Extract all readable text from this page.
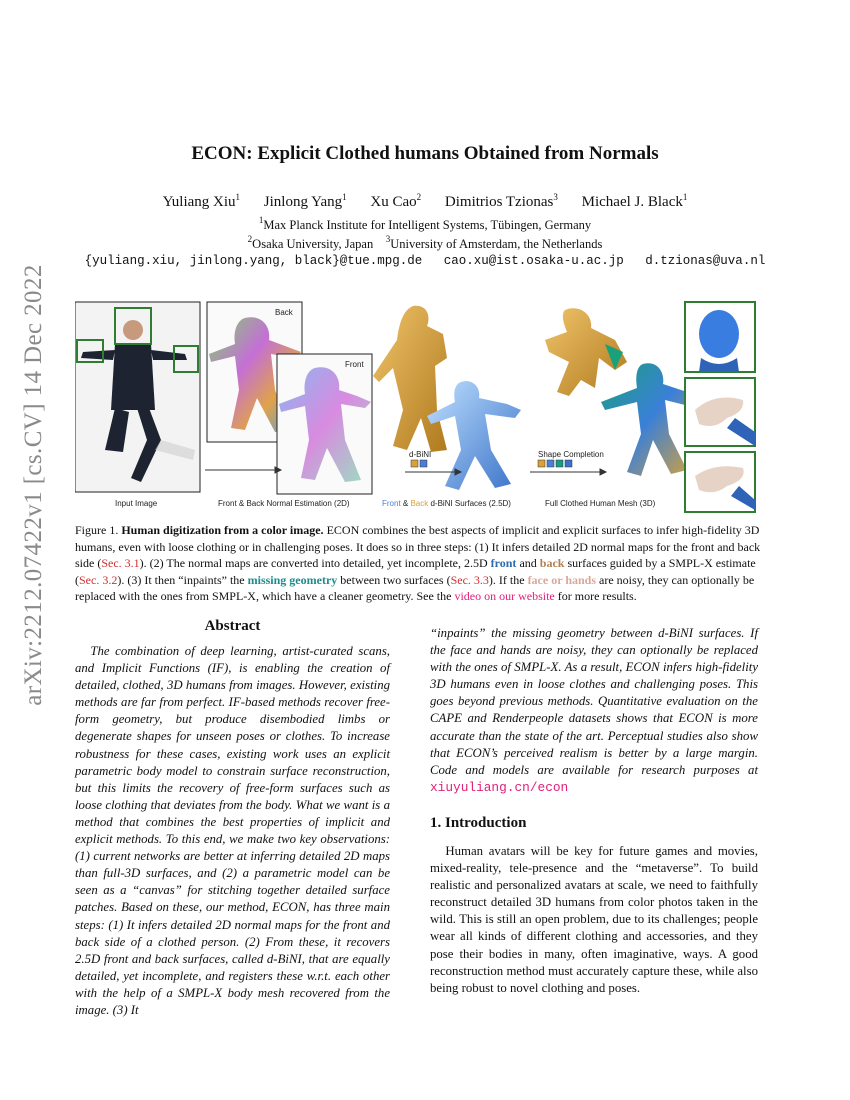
arXiv:2212.07422v1 [cs.CV] 14 Dec 2022
ECON: Explicit Clothed humans Obtained from Normals
Yuliang Xiu$^1$ Jinlong Yang$^1$ Xu Cao$^2$ Dimitrios Tzionas$^3$ Michael J. Black$^1$
$^1$Max Planck Institute for Intelligent Systems, Tübingen, Germany
$^2$Osaka University, Japan $^3$University of Amsterdam, the Netherlands
{yuliang.xiu, jinlong.yang, black}@tue.mpg.de cao.xu@ist.osaka-u.ac.jp d.tzionas@uva.nl
Back
Front
d-BiNI	Shape Completion
Input Image	Front & Back Normal Estimation (2D)	Front & Back d-BiNI Surfaces (2.5D)	Full Clothed Human Mesh (3D)
Figure 1. Human digitization from a color image. ECON combines the best aspects of implicit and explicit surfaces to infer high-fidelity 3D humans, even with loose clothing or in challenging poses. It does so in three steps: (1) It infers detailed 2D normal maps for the front and back side (Sec. 3.1). (2) The normal maps are converted into detailed, yet incomplete, 2.5D front and back surfaces guided by a SMPL-X estimate (Sec. 3.2). (3) It then “inpaints” the missing geometry between two surfaces (Sec. 3.3). If the face or hands are noisy, they can optionally be replaced with the ones from SMPL-X, which have a cleaner geometry. See the video on our website for more results.
Abstract
The combination of deep learning, artist-curated scans, and Implicit Functions (IF), is enabling the creation of detailed, clothed, 3D humans from images. However, existing methods are far from perfect. IF-based methods recover free-form geometry, but produce disembodied limbs or degenerate shapes for unseen poses or clothes. To increase robustness for these cases, existing work uses an explicit parametric body model to constrain surface reconstruction, but this limits the recovery of free-form surfaces such as loose clothing that deviates from the body. What we want is a method that combines the best properties of implicit and explicit methods. To this end, we make two key observations: (1) current networks are better at inferring detailed 2D maps than full-3D surfaces, and (2) a parametric model can be seen as a “canvas” for stitching together detailed surface patches. Based on these, our method, ECON, has three main steps: (1) It infers detailed 2D normal maps for the front and back side of a clothed person. (2) From these, it recovers 2.5D front and back surfaces, called d-BiNI, that are equally detailed, yet incomplete, and registers these w.r.t. each other with the help of a SMPL-X body mesh recovered from the image. (3) It
“inpaints” the missing geometry between d-BiNI surfaces. If the face and hands are noisy, they can optionally be replaced with the ones of SMPL-X. As a result, ECON infers high-fidelity 3D humans even in loose clothes and challenging poses. This goes beyond previous methods. Quantitative evaluation on the CAPE and Renderpeople datasets shows that ECON is more accurate than the state of the art. Perceptual studies also show that ECON’s perceived realism is better by a large margin. Code and models are available for research purposes at xiuyuliang.cn/econ
1. Introduction
Human avatars will be key for future games and movies, mixed-reality, tele-presence and the “metaverse”. To build realistic and personalized avatars at scale, we need to faithfully reconstruct detailed 3D humans from color photos taken in the wild. This is still an open problem, due to its challenges; people wear all kinds of different clothing and accessories, and they pose their bodies in many, often imaginative, ways. A good reconstruction method must accurately capture these, while also being robust to novel clothing and poses.
